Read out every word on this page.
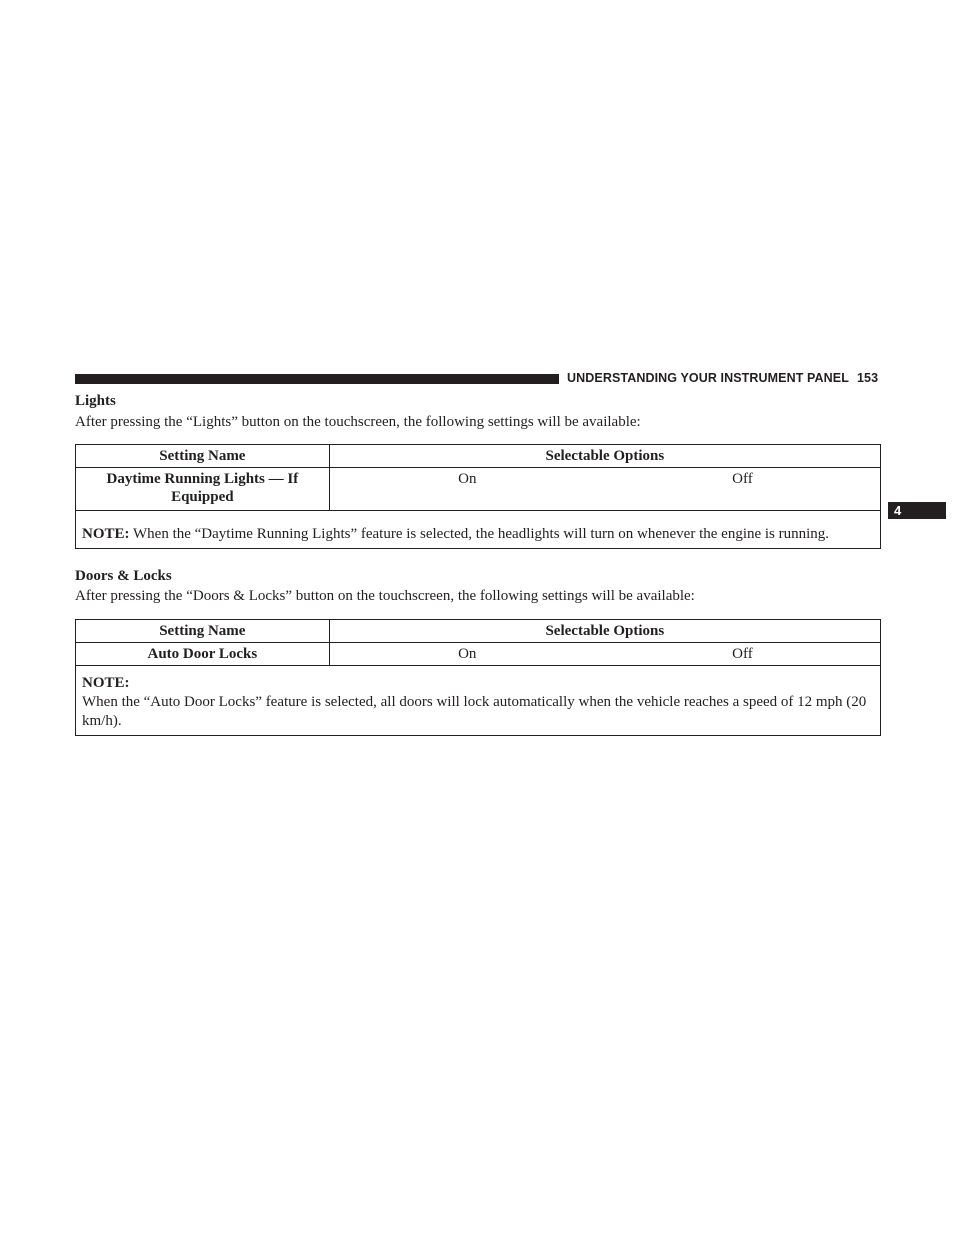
UNDERSTANDING YOUR INSTRUMENT PANEL 153
4
Lights
After pressing the “Lights” button on the touchscreen, the following settings will be available:
Setting Name	Selectable Options	
Daytime Running Lights — If Equipped	On	Off
NOTE: When the “Daytime Running Lights” feature is selected, the headlights will turn on whenever the engine is running.		
Doors & Locks
After pressing the “Doors & Locks” button on the touchscreen, the following settings will be available:
Setting Name	Selectable Options	
Auto Door Locks	On	Off

NOTE:
When the “Auto Door Locks” feature is selected, all doors will lock automatically when the vehicle reaches a speed of 12 mph (20 km/h).		
